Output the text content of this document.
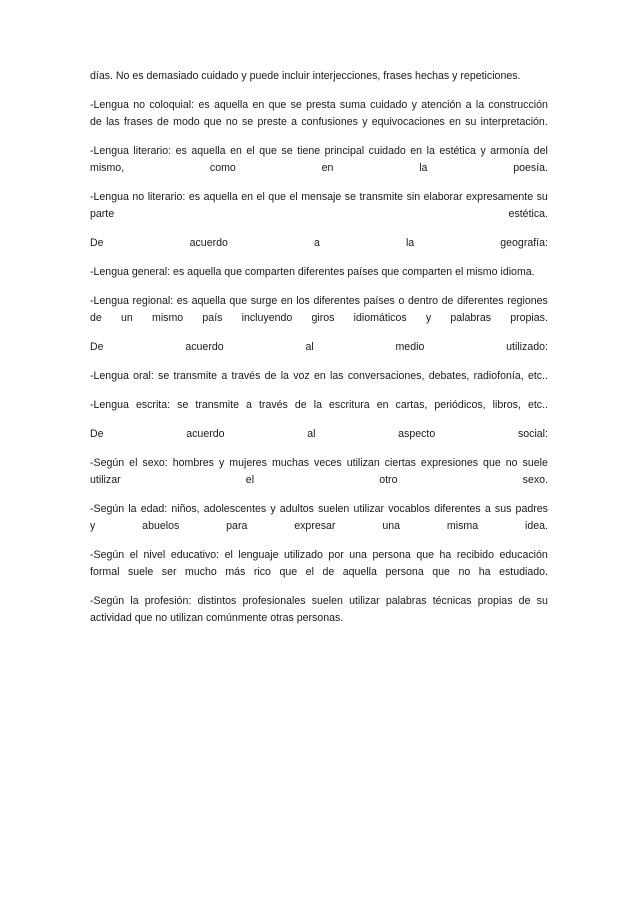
días. No es demasiado cuidado y puede incluir interjecciones, frases hechas y repeticiones.
-Lengua no coloquial: es aquella en que se presta suma cuidado y atención a la construcción
de las frases de modo que no se preste a confusiones y equivocaciones en su interpretación.
-Lengua literario: es aquella en el que se tiene principal cuidado en la estética y armonía del
mismo,	como	en	la	poesía.
-Lengua no literario: es aquella en el que el mensaje se transmite sin elaborar expresamente su
parte	estética.
De	acuerdo	a	la	geografía:
-Lengua general: es aquella que comparten diferentes países que comparten el mismo idioma.
-Lengua regional: es aquella que surge en los diferentes países o dentro de diferentes regiones
de un mismo país incluyendo giros idiomáticos y palabras propias.
De	acuerdo	al	medio	utilizado:
-Lengua oral: se transmite a través de la voz en las conversaciones, debates, radiofonía, etc..
-Lengua escrita: se transmite a través de la escritura en cartas, periódicos, libros, etc..
De	acuerdo	al	aspecto	social:
-Según el sexo: hombres y mujeres muchas veces utilizan ciertas expresiones que no suele
utilizar	el	otro	sexo.
-Según la edad: niños, adolescentes y adultos suelen utilizar vocablos diferentes a sus padres
y	abuelos	para	expresar	una	misma	idea.
-Según el nivel educativo: el lenguaje utilizado por una persona que ha recibido educación
formal suele ser mucho más rico que el de aquella persona que no ha estudiado.
-Según la profesión: distintos profesionales suelen utilizar palabras técnicas propias de su
actividad que no utilizan comúnmente otras personas.
